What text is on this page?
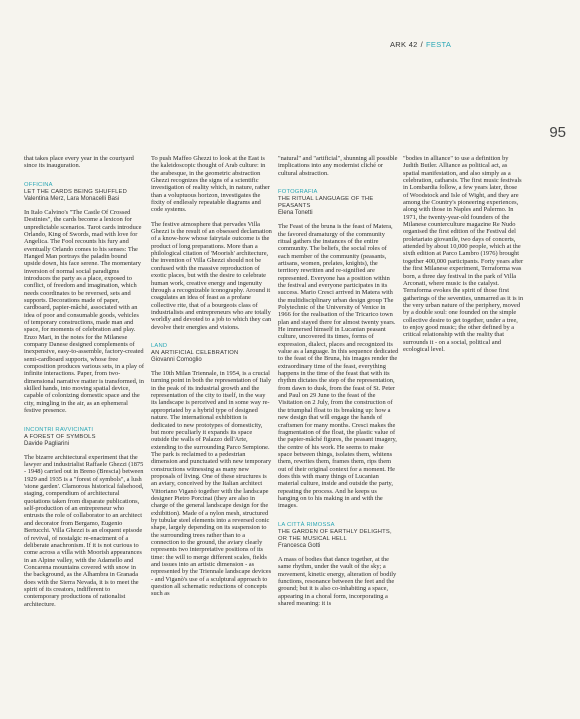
ARK 42 / FESTA
95

that takes place every year in the courtyard since its inauguration.

OFFICINA
LET THE CARDS BEING SHUFFLED
Valentina Merz, Lara Monacelli Basi

In Italo Calvino's "The Castle Of Crossed Destinies", the cards become a lexicon for unpredictable scenarios. Tarot cards introduce Orlando, King of Swords, mad with love for Angelica. The Fool recounts his fury and eventually Orlando comes to his senses: The Hanged Man portrays the paladin bound upside down, his face serene. The momentary inversion of normal social paradigms introduces the party as a place, exposed to conflict, of freedom and imagination, which needs coordinates to be reversed, sets and supports. Decorations made of paper, cardboard, papier-mâché, associated with an idea of poor and consumable goods, vehicles of temporary constructions, made man and space, for moments of celebration and play. Enzo Mari, in the notes for the Milanese company Danese designed complements of inexpensive, easy-to-assemble, factory-created semi-cardboard supports, whose free composition produces various sets, in a play of infinite interactions. Paper, from two-dimensional narrative matter is transformed, in skilled hands, into moving spatial device, capable of colonizing domestic space and the city, mingling in the air, as an ephemeral festive presence.

INCONTRI RAVVICINATI
A FOREST OF SYMBOLS
Davide Pagliarini

The bizarre architectural experiment that the lawyer and industrialist Raffaele Ghezzi (1875 - 1948) carried out in Breno (Brescia) between 1929 and 1935 is a "forest of symbols", a lush 'stone garden'. Clamorous historical falsehood, staging, compendium of architectural quotations taken from disparate publications, self-production of an entrepreneur who entrusts the role of collaborator to an architect and decorator from Bergamo, Eugenio Bertucchi. Villa Ghezzi is an eloquent episode of revival, of nostalgic re-enactment of a deliberate anachronism. If it is not curious to come across a villa with Moorish appearances in an Alpine valley, with the Adamello and Concarena mountains covered with snow in the background, as the Alhambra in Granada does with the Sierra Nevada, it is to meet the spirit of its creators, indifferent to contemporary productions of rationalist architecture.

To push Maffeo Ghezzi to look at the East is the kaleidoscopic thought of Arab culture: in the arabesque, in the geometric abstraction Ghezzi recognizes the signs of a scientific investigation of reality which, in nature, rather than a voluptuous horizon, investigates the fixity of endlessly repeatable diagrams and code systems.

The festive atmosphere that pervades Villa Ghezzi is the result of an obsessed declamation of a know-how whose fairytale outcome is the product of long preparations. More than a philological citation of 'Moorish' architecture, the invention of Villa Ghezzi should not be confused with the massive reproduction of exotic places, but with the desire to celebrate human work, creative energy and ingenuity through a recognizable iconography. Around it coagulates an idea of feast as a profane collective rite, that of a bourgeois class of industrialists and entrepreneurs who are totally worldly and devoted to a job to which they can devolve their energies and visions.

LAND
AN ARTIFICIAL CELEBRATION
Giovanni Comoglio

The 10th Milan Triennale, in 1954, is a crucial turning point in both the representation of Italy in the peak of its industrial growth and the representation of the city to itself, in the way its landscape is perceived and in some way re-appropriated by a hybrid type of designed nature. The international exhibition is dedicated to new prototypes of domesticity, but more peculiarly it expands its space outside the walls of Palazzo dell'Arte, extending to the surrounding Parco Sempione. The park is reclaimed to a pedestrian dimension and punctuated with new temporary constructions witnessing as many new proposals of living. One of these structures is an aviary, conceived by the Italian architect Vittoriano Viganò together with the landscape designer Pietro Porcinai (they are also in charge of the general landscape design for the exhibition). Made of a nylon mesh, structured by tubular steel elements into a reversed conic shape, largely depending on its suspension to the surrounding trees rather than to a connection to the ground, the aviary clearly represents two interpretative positions of its time: the will to merge different scales, fields and issues into an artistic dimension - as represented by the Triennale landscape devices - and Viganò's use of a sculptural approach to question all schematic reductions of concepts such as

"natural" and "artificial", shunning all possible implications into any modernist cliché or cultural abstraction.

FOTOGRAFIA
THE RITUAL LANGUAGE OF THE PEASANTS
Elena Tonetti

The Feast of the bruna is the feast of Matera, the favored dramaturgy of the community ritual gathers the instances of the entire community. The beliefs, the social roles of each member of the community (peasants, artisans, women, prelates, knights), the territory rewritten and re-signified are represented. Everyone has a position within the festival and everyone participates in its success. Mario Cresci arrived in Matera with the multidisciplinary urban design group The Polytechnic of the University of Venice in 1966 for the realisation of the Tricarico town plan and stayed there for almost twenty years. He immersed himself in Lucanian peasant culture, uncovered its times, forms of expression, dialect, places and recognized its value as a language. In this sequence dedicated to the feast of the Bruna, his images render the extraordinary time of the feast, everything happens in the time of the feast that with its rhythm dictates the step of the representation, from dawn to dusk, from the feast of St. Peter and Paul on 29 June to the feast of the Visitation on 2 July, from the construction of the triumphal float to its breaking up: how a new design that will engage the hands of craftsmen for many months. Cresci makes the fragmentation of the float, the plastic value of the papier-mâché figures, the peasant imagery, the centre of his work. He seems to make space between things, isolates them, whitens them, rewrites them, frames them, rips them out of their original context for a moment. He does this with many things of Lucanian material culture, inside and outside the party, repeating the process. And he keeps us hanging on to his making in and with the images.

LA CITTÀ RIMOSSA
THE GARDEN OF EARTHLY DELIGHTS, OR THE MUSICAL HELL
Francesca Gotti

A mass of bodies that dance together, at the same rhythm, under the vault of the sky; a movement, kinetic energy, alteration of bodily functions, resonance between the feet and the ground; but it is also co-inhabiting a space, appearing in a choral form, incorporating a shared meaning: it is

"bodies in alliance" to use a definition by Judith Butler. Alliance as political act, as spatial manifestation, and also simply as a celebration, catharsis. The first music festivals in Lombardia follow, a few years later, those of Woodstock and Isle of Wight, and they are among the Country's pioneering experiences, along with those in Naples and Palermo. In 1971, the twenty-year-old founders of the Milanese counterculture magazine Re Nudo organised the first edition of the Festival del proletariato giovanile, two days of concerts, attended by about 10,000 people, which at the sixth edition at Parco Lambro (1976) brought together 400,000 participants. Forty years after the first Milanese experiment, Terraforma was born, a three day festival in the park of Villa Arconati, where music is the catalyst. Terraforma evokes the spirit of those first gatherings of the seventies, unmarred as it is in the very urban nature of the periphery, moved by a double soul: one founded on the simple collective desire to get together, under a tree, to enjoy good music; the other defined by a critical relationship with the reality that surrounds it - on a social, political and ecological level.
